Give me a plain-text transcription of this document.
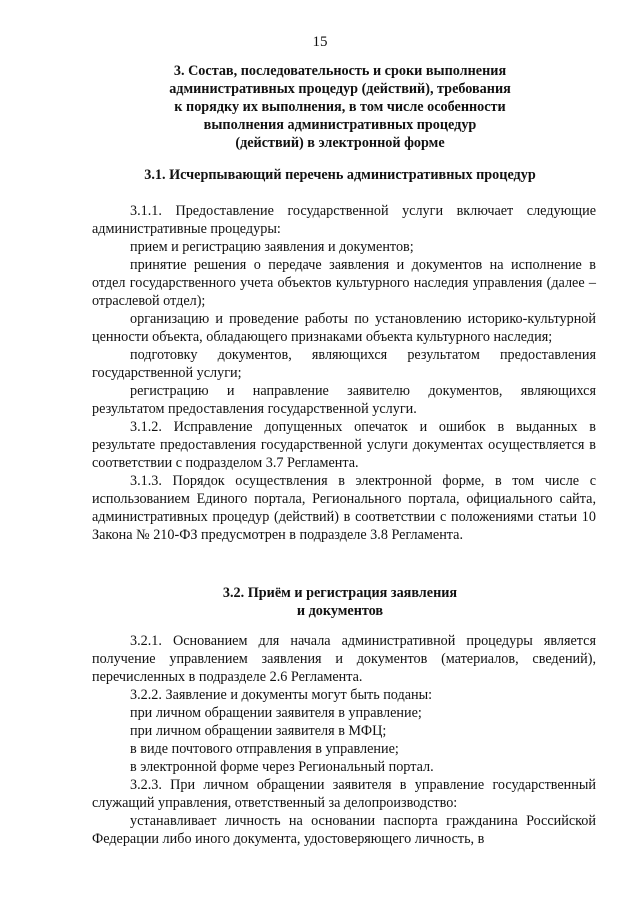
15
3. Состав, последовательность и сроки выполнения
административных процедур (действий), требования
к порядку их выполнения, в том числе особенности
выполнения административных процедур
(действий) в электронной форме
3.1. Исчерпывающий перечень административных процедур

3.1.1. Предоставление государственной услуги включает следующие административные процедуры:

прием и регистрацию заявления и документов;

принятие решения о передаче заявления и документов на исполнение в отдел государственного учета объектов культурного наследия управления (далее – отраслевой отдел);

организацию и проведение работы по установлению историко-культурной ценности объекта, обладающего признаками объекта культурного наследия;

подготовку документов, являющихся результатом предоставления государственной услуги;

регистрацию и направление заявителю документов, являющихся результатом предоставления государственной услуги.

3.1.2. Исправление допущенных опечаток и ошибок в выданных в результате предоставления государственной услуги документах осуществляется в соответствии с подразделом 3.7 Регламента.

3.1.3. Порядок осуществления в электронной форме, в том числе с использованием Единого портала, Регионального портала, официального сайта, административных процедур (действий) в соответствии с положениями статьи 10 Закона № 210-ФЗ предусмотрен в подразделе 3.8 Регламента.

3.2. Приём и регистрация заявления
и документов

3.2.1. Основанием для начала административной процедуры является получение управлением заявления и документов (материалов, сведений), перечисленных в подразделе 2.6 Регламента.

3.2.2. Заявление и документы могут быть поданы:

при личном обращении заявителя в управление;

при личном обращении заявителя в МФЦ;

в виде почтового отправления в управление;

в электронной форме через Региональный портал.

3.2.3. При личном обращении заявителя в управление государственный служащий управления, ответственный за делопроизводство:

устанавливает личность на основании паспорта гражданина Российской Федерации либо иного документа, удостоверяющего личность, в
